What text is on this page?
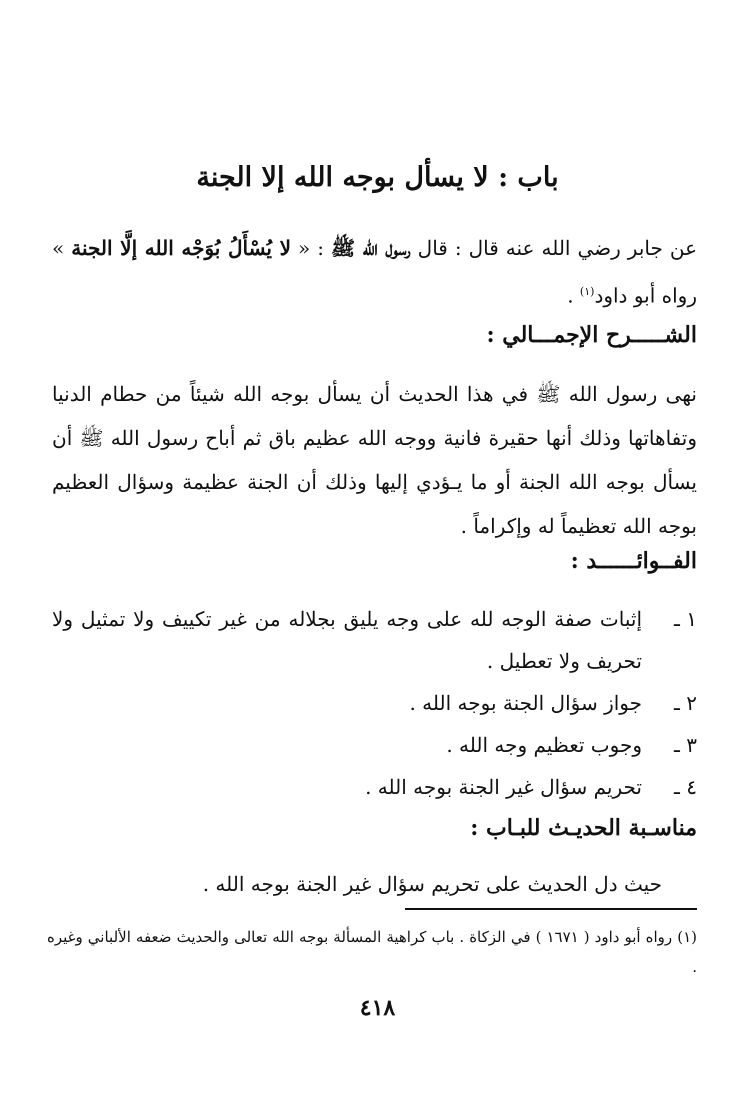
باب : لا يسأل بوجه الله إلا الجنة
عن جابر رضي الله عنه قال : قال رسول الله ﷺ : « لا يُسْأَلُ بُوَجْه الله إلَّا الجنة » رواه أبو داود$^{(١)}$ .
الشـــــرح الإجمـــالي :
نهى رسول الله ﷺ في هذا الحديث أن يسأل بوجه الله شيئاً من حطام الدنيا وتفاهاتها وذلك أنها حقيرة فانية ووجه الله عظيم باق ثم أباح رسول الله ﷺ أن يسأل بوجه الله الجنة أو ما يـؤدي إليها وذلك أن الجنة عظيمة وسؤال العظيم بوجه الله تعظيماً له وإكراماً .
الفــوائــــــد :
١ ـ
إثبات صفة الوجه لله على وجه يليق بجلاله من غير تكييف ولا تمثيل ولا تحريف ولا تعطيل .
٢ ـ
جواز سؤال الجنة بوجه الله .
٣ ـ
وجوب تعظيم وجه الله .
٤ ـ
تحريم سؤال غير الجنة بوجه الله .
مناسـبة الحديـث للبـاب :
حيث دل الحديث على تحريم سؤال غير الجنة بوجه الله .
(١) رواه أبو داود ( ١٦٧١ ) في الزكاة . باب كراهية المسألة بوجه الله تعالى والحديث ضعفه الألباني وغيره .
٤١٨
